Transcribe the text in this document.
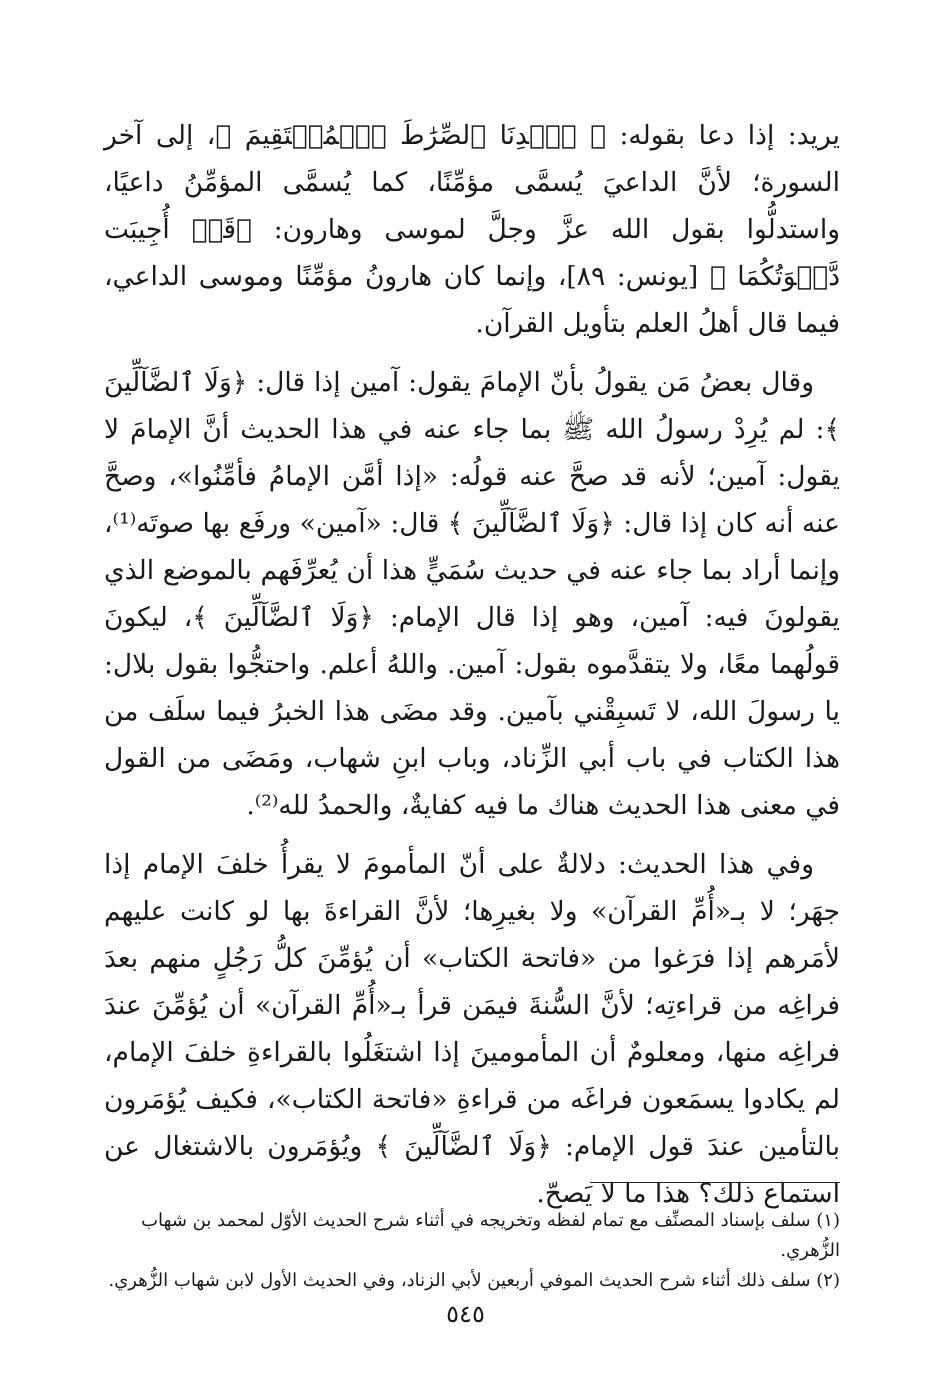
يريد: إذا دعا بقوله: ﴿ ٱهۡدِنَا ٱلصِّرَٰطَ ٱلۡمُسۡتَقِيمَ ﴾، إلى آخر السورة؛ لأنَّ الداعيَ يُسمَّى مؤمِّنًا، كما يُسمَّى المؤمِّنُ داعيًا، واستدلُّوا بقول الله عزَّ وجلَّ لموسى وهارون: ﴿قَدۡ أُجِيبَت دَّعۡوَتُكُمَا ﴾ [يونس: ٨٩]، وإنما كان هارونُ مؤمِّنًا وموسى الداعي، فيما قال أهلُ العلم بتأويل القرآن.

وقال بعضُ مَن يقولُ بأنّ الإمامَ يقول: آمين إذا قال: ﴿وَلَا ٱلضَّآلِّينَ ﴾: لم يُرِدْ رسولُ الله ﷺ بما جاء عنه في هذا الحديث أنَّ الإمامَ لا يقول: آمين؛ لأنه قد صحَّ عنه قولُه: «إذا أمَّن الإمامُ فأمِّنُوا»، وصحَّ عنه أنه كان إذا قال: ﴿وَلَا ٱلضَّآلِّينَ ﴾ قال: «آمين» ورفَع بها صوتَه⁽¹⁾، وإنما أراد بما جاء عنه في حديث سُمَيٍّ هذا أن يُعرِّفَهم بالموضع الذي يقولونَ فيه: آمين، وهو إذا قال الإمام: ﴿وَلَا ٱلضَّآلِّينَ ﴾، ليكونَ قولُهما معًا، ولا يتقدَّموه بقول: آمين. واللهُ أعلم. واحتجُّوا بقول بلال: يا رسولَ الله، لا تَسبِقْني بآمين. وقد مضَى هذا الخبرُ فيما سلَف من هذا الكتاب في باب أبي الزِّناد، وباب ابنِ شهاب، ومَضَى من القول في معنى هذا الحديث هناك ما فيه كفايةٌ، والحمدُ لله⁽²⁾.

وفي هذا الحديث: دلالةٌ على أنّ المأمومَ لا يقرأُ خلفَ الإمام إذا جهَر؛ لا بـ«أُمِّ القرآن» ولا بغيرِها؛ لأنَّ القراءةَ بها لو كانت عليهم لأمَرهم إذا فرَغوا من «فاتحة الكتاب» أن يُؤمِّنَ كلُّ رَجُلٍ منهم بعدَ فراغِه من قراءتِه؛ لأنَّ السُّنةَ فيمَن قرأ بـ«أُمِّ القرآن» أن يُؤمِّنَ عندَ فراغِه منها، ومعلومٌ أن المأمومينَ إذا اشتغَلُوا بالقراءةِ خلفَ الإمام، لم يكادوا يسمَعون فراغَه من قراءةِ «فاتحة الكتاب»، فكيف يُؤمَرون بالتأمين عندَ قول الإمام: ﴿وَلَا ٱلضَّآلِّينَ ﴾ ويُؤمَرون بالاشتغال عن استماع ذلك؟ هذا ما لا يَصحّ.

(١) سلف بإسناد المصنِّف مع تمام لفظه وتخريجه في أثناء شرح الحديث الأوّل لمحمد بن شهاب الزُّهري.

(٢) سلف ذلك أثناء شرح الحديث الموفي أربعين لأبي الزناد، وفي الحديث الأول لابن شهاب الزُّهري.

٥٤٥
